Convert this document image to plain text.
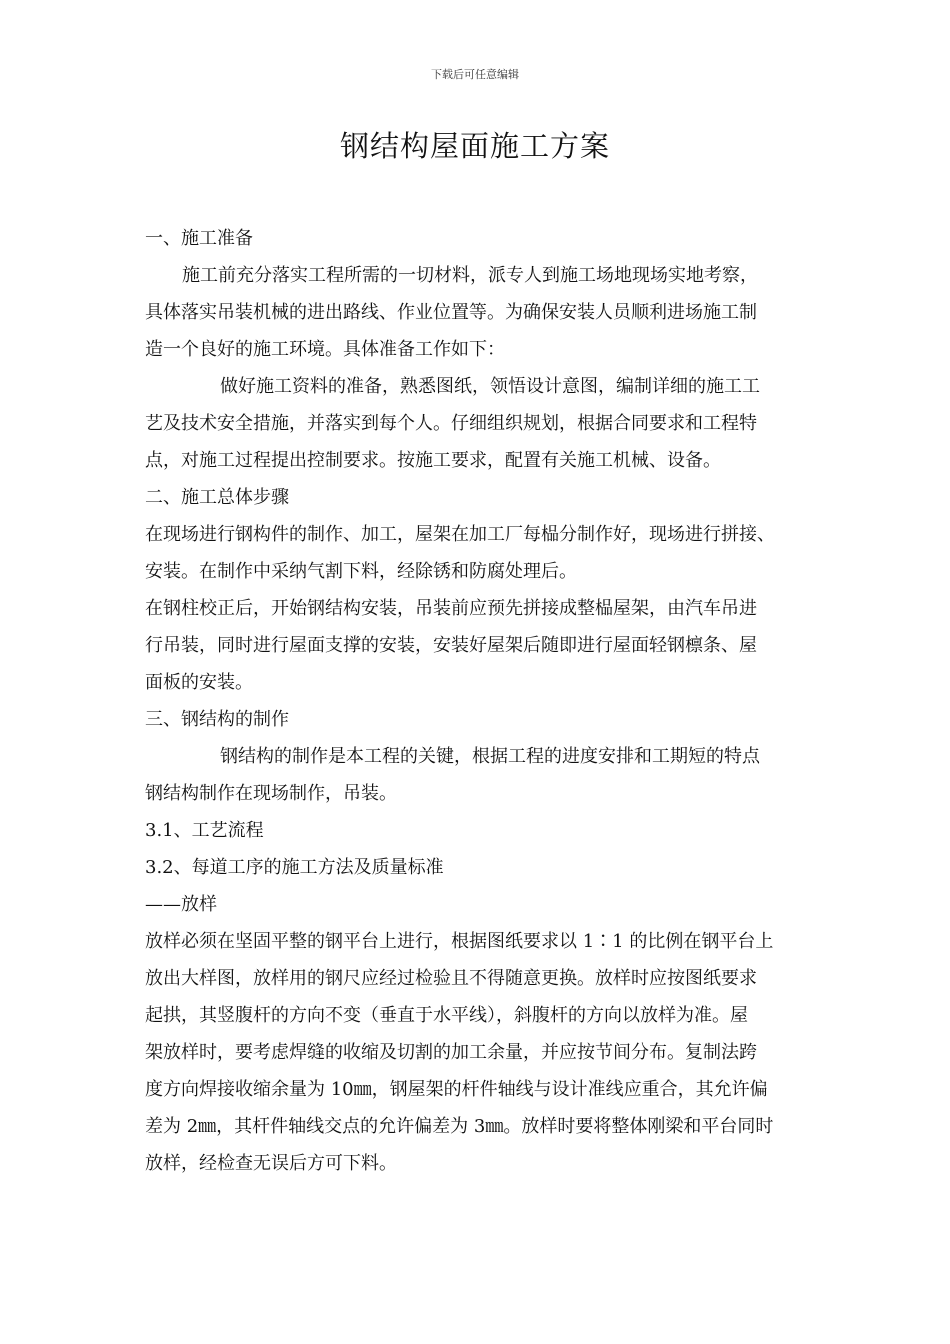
下载后可任意编辑
钢结构屋面施工方案
一、施工准备
施工前充分落实工程所需的一切材料，派专人到施工场地现场实地考察，
具体落实吊装机械的进出路线、作业位置等。为确保安装人员顺利进场施工制
造一个良好的施工环境。具体准备工作如下：
做好施工资料的准备，熟悉图纸，领悟设计意图，编制详细的施工工
艺及技术安全措施，并落实到每个人。仔细组织规划，根据合同要求和工程特
点，对施工过程提出控制要求。按施工要求，配置有关施工机械、设备。
二、施工总体步骤
在现场进行钢构件的制作、加工，屋架在加工厂每榀分制作好，现场进行拼接、
安装。在制作中采纳气割下料，经除锈和防腐处理后。
在钢柱校正后，开始钢结构安装，吊装前应预先拼接成整榀屋架，由汽车吊进
行吊装，同时进行屋面支撑的安装，安装好屋架后随即进行屋面轻钢檩条、屋
面板的安装。
三、钢结构的制作
钢结构的制作是本工程的关键，根据工程的进度安排和工期短的特点
钢结构制作在现场制作，吊装。
3.1、工艺流程
3.2、每道工序的施工方法及质量标准
——放样
放样必须在坚固平整的钢平台上进行，根据图纸要求以 1∶1 的比例在钢平台上
放出大样图，放样用的钢尺应经过检验且不得随意更换。放样时应按图纸要求
起拱，其竖腹杆的方向不变（垂直于水平线），斜腹杆的方向以放样为准。屋
架放样时，要考虑焊缝的收缩及切割的加工余量，并应按节间分布。复制法跨
度方向焊接收缩余量为 10㎜，钢屋架的杆件轴线与设计准线应重合，其允许偏
差为 2㎜，其杆件轴线交点的允许偏差为 3㎜。放样时要将整体刚梁和平台同时
放样，经检查无误后方可下料。
